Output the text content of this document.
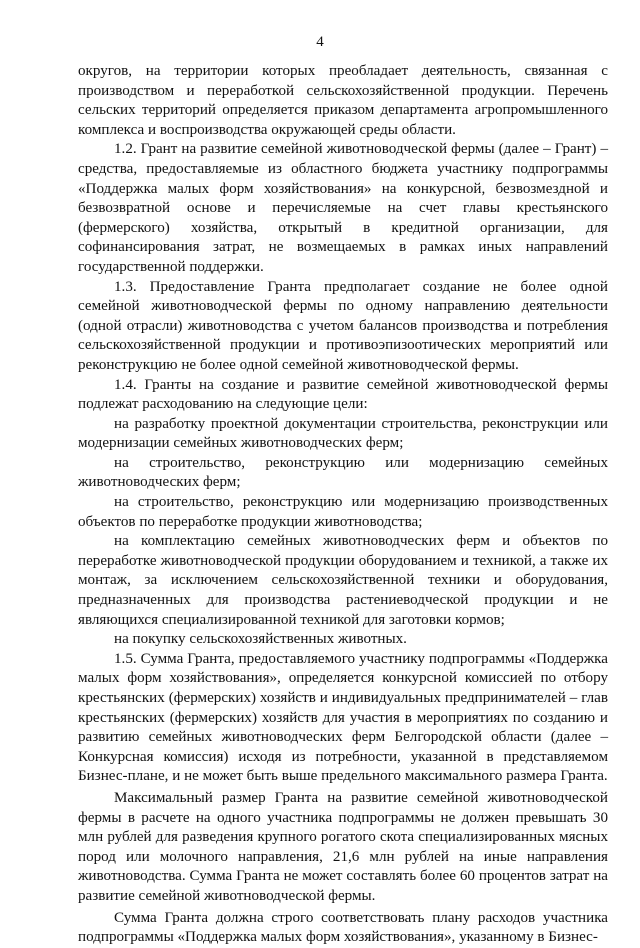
4

округов, на территории которых преобладает деятельность, связанная с производством и переработкой сельскохозяйственной продукции. Перечень сельских территорий определяется приказом департамента агропромышленного комплекса и воспроизводства окружающей среды области.

1.2. Грант на развитие семейной животноводческой фермы (далее – Грант) – средства, предоставляемые из областного бюджета участнику подпрограммы «Поддержка малых форм хозяйствования» на конкурсной, безвозмездной и безвозвратной основе и перечисляемые на счет главы крестьянского (фермерского) хозяйства, открытый в кредитной организации, для софинансирования затрат, не возмещаемых в рамках иных направлений государственной поддержки.

1.3. Предоставление Гранта предполагает создание не более одной семейной животноводческой фермы по одному направлению деятельности (одной отрасли) животноводства с учетом балансов производства и потребления сельскохозяйственной продукции и противоэпизоотических мероприятий или реконструкцию не более одной семейной животноводческой фермы.

1.4. Гранты на создание и развитие семейной животноводческой фермы подлежат расходованию на следующие цели:

на разработку проектной документации строительства, реконструкции или модернизации семейных животноводческих ферм;

на строительство, реконструкцию или модернизацию семейных животноводческих ферм;

на строительство, реконструкцию или модернизацию производственных объектов по переработке продукции животноводства;

на комплектацию семейных животноводческих ферм и объектов по переработке животноводческой продукции оборудованием и техникой, а также их монтаж, за исключением сельскохозяйственной техники и оборудования, предназначенных для производства растениеводческой продукции и не являющихся специализированной техникой для заготовки кормов;

на покупку сельскохозяйственных животных.

1.5. Сумма Гранта, предоставляемого участнику подпрограммы «Поддержка малых форм хозяйствования», определяется конкурсной комиссией по отбору крестьянских (фермерских) хозяйств и индивидуальных предпринимателей – глав крестьянских (фермерских) хозяйств для участия в мероприятиях по созданию и развитию семейных животноводческих ферм Белгородской области (далее – Конкурсная комиссия) исходя из потребности, указанной в представляемом Бизнес-плане, и не может быть выше предельного максимального размера Гранта.

Максимальный размер Гранта на развитие семейной животноводческой фермы в расчете на одного участника подпрограммы не должен превышать 30 млн рублей для разведения крупного рогатого скота специализированных мясных пород или молочного направления, 21,6 млн рублей на иные направления животноводства. Сумма Гранта не может составлять более 60 процентов затрат на развитие семейной животноводческой фермы.

Сумма Гранта должна строго соответствовать плану расходов участника подпрограммы «Поддержка малых форм хозяйствования», указанному в Бизнес-
